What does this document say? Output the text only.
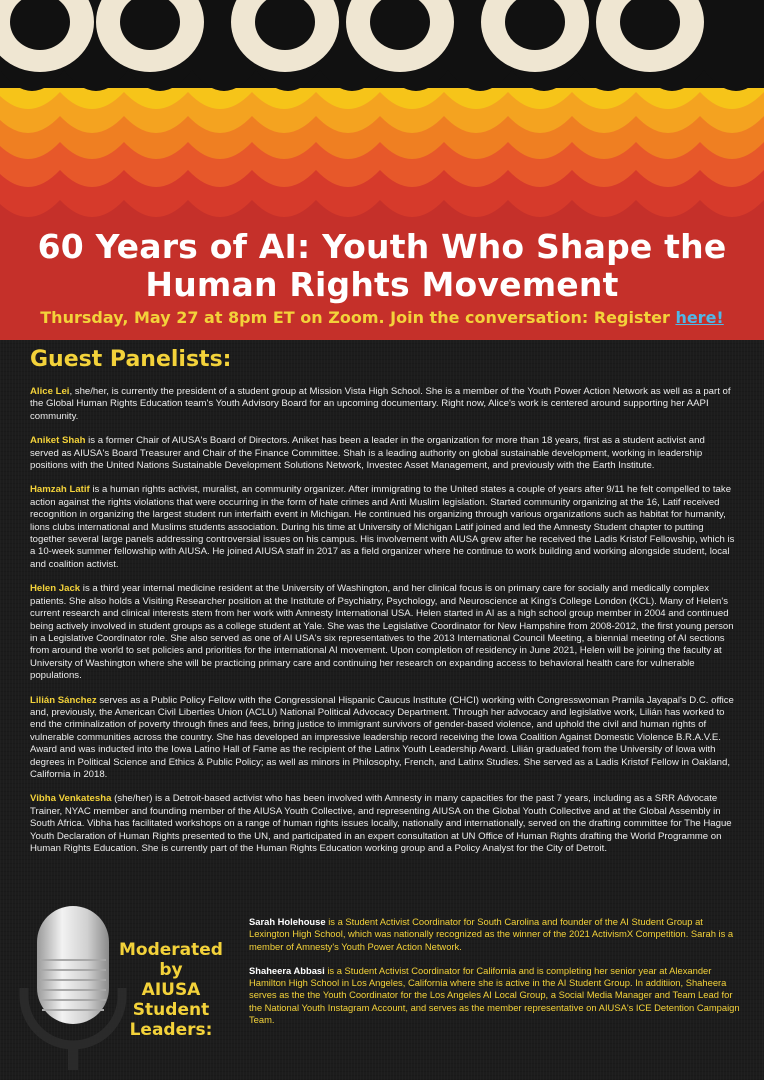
60 Years of AI: Youth Who Shape the
Human Rights Movement

Thursday, May 27 at 8pm ET on Zoom. Join the conversation: Register here!

Guest Panelists:

Alice Lei, she/her, is currently the president of a student group at Mission Vista High School. She is a member of the Youth Power Action Network as well as a part of the Global Human Rights Education team's Youth Advisory Board for an upcoming documentary. Right now, Alice's work is centered around supporting her AAPI community.

Aniket Shah is a former Chair of AIUSA's Board of Directors. Aniket has been a leader in the organization for more than 18 years, first as a student activist and served as AIUSA's Board Treasurer and Chair of the Finance Committee. Shah is a leading authority on global sustainable development, working in leadership positions with the United Nations Sustainable Development Solutions Network, Investec Asset Management, and previously with the Earth Institute.

Hamzah Latif is a human rights activist, muralist, an community organizer. After immigrating to the United states a couple of years after 9/11 he felt compelled to take action against the rights violations that were occurring in the form of hate crimes and Anti Muslim legislation. Started community organizing at the 16, Latif received recognition in organizing the largest student run interfaith event in Michigan. He continued his organizing through various organizations such as habitat for humanity, lions clubs international and Muslims students association. During his time at University of Michigan Latif joined and led the Amnesty Student chapter to putting together several large panels addressing controversial issues on his campus. His involvement with AIUSA grew after he received the Ladis Kristof Fellowship, which is a 10-week summer fellowship with AIUSA. He joined AIUSA staff in 2017 as a field organizer where he continue to work building and working alongside student, local and coalition activist.

Helen Jack is a third year internal medicine resident at the University of Washington, and her clinical focus is on primary care for socially and medically complex patients. She also holds a Visiting Researcher position at the Institute of Psychiatry, Psychology, and Neuroscience at King's College London (KCL). Many of Helen's current research and clinical interests stem from her work with Amnesty International USA. Helen started in AI as a high school group member in 2004 and continued being actively involved in student groups as a college student at Yale. She was the Legislative Coordinator for New Hampshire from 2008-2012, the first young person in a Legislative Coordinator role. She also served as one of AI USA's six representatives to the 2013 International Council Meeting, a biennial meeting of AI sections from around the world to set policies and priorities for the international AI movement. Upon completion of residency in June 2021, Helen will be joining the faculty at University of Washington where she will be practicing primary care and continuing her research on expanding access to behavioral health care for vulnerable populations.

Lilián Sánchez serves as a Public Policy Fellow with the Congressional Hispanic Caucus Institute (CHCI) working with Congresswoman Pramila Jayapal's D.C. office and, previously, the American Civil Liberties Union (ACLU) National Political Advocacy Department. Through her advocacy and legislative work, Lilián has worked to end the criminalization of poverty through fines and fees, bring justice to immigrant survivors of gender-based violence, and uphold the civil and human rights of vulnerable communities across the country. She has developed an impressive leadership record receiving the Iowa Coalition Against Domestic Violence B.R.A.V.E. Award and was inducted into the Iowa Latino Hall of Fame as the recipient of the Latinx Youth Leadership Award. Lilián graduated from the University of Iowa with degrees in Political Science and Ethics & Public Policy; as well as minors in Philosophy, French, and Latinx Studies. She served as a Ladis Kristof Fellow in Oakland, California in 2018.

Vibha Venkatesha (she/her) is a Detroit-based activist who has been involved with Amnesty in many capacities for the past 7 years, including as a SRR Advocate Trainer, NYAC member and founding member of the AIUSA Youth Collective, and representing AIUSA on the Global Youth Collective and at the Global Assembly in South Africa. Vibha has facilitated workshops on a range of human rights issues locally, nationally and internationally, served on the drafting committee for The Hague Youth Declaration of Human Rights presented to the UN, and participated in an expert consultation at UN Office of Human Rights drafting the World Programme on Human Rights Education. She is currently part of the Human Rights Education working group and a Policy Analyst for the City of Detroit.

Moderated by
AIUSA Student
Leaders:

Sarah Holehouse is a Student Activist Coordinator for South Carolina and founder of the AI Student Group at Lexington High School, which was nationally recognized as the winner of the 2021 ActivismX Competition. Sarah is a member of Amnesty's Youth Power Action Network.

Shaheera Abbasi is a Student Activist Coordinator for California and is completing her senior year at Alexander Hamilton High School in Los Angeles, California where she is active in the AI Student Group. In additiion, Shaheera serves as the the Youth Coordinator for the Los Angeles AI Local Group, a Social Media Manager and Team Lead for the National Youth Instagram Account, and serves as the member representative on AIUSA's ICE Detention Campaign Team.
